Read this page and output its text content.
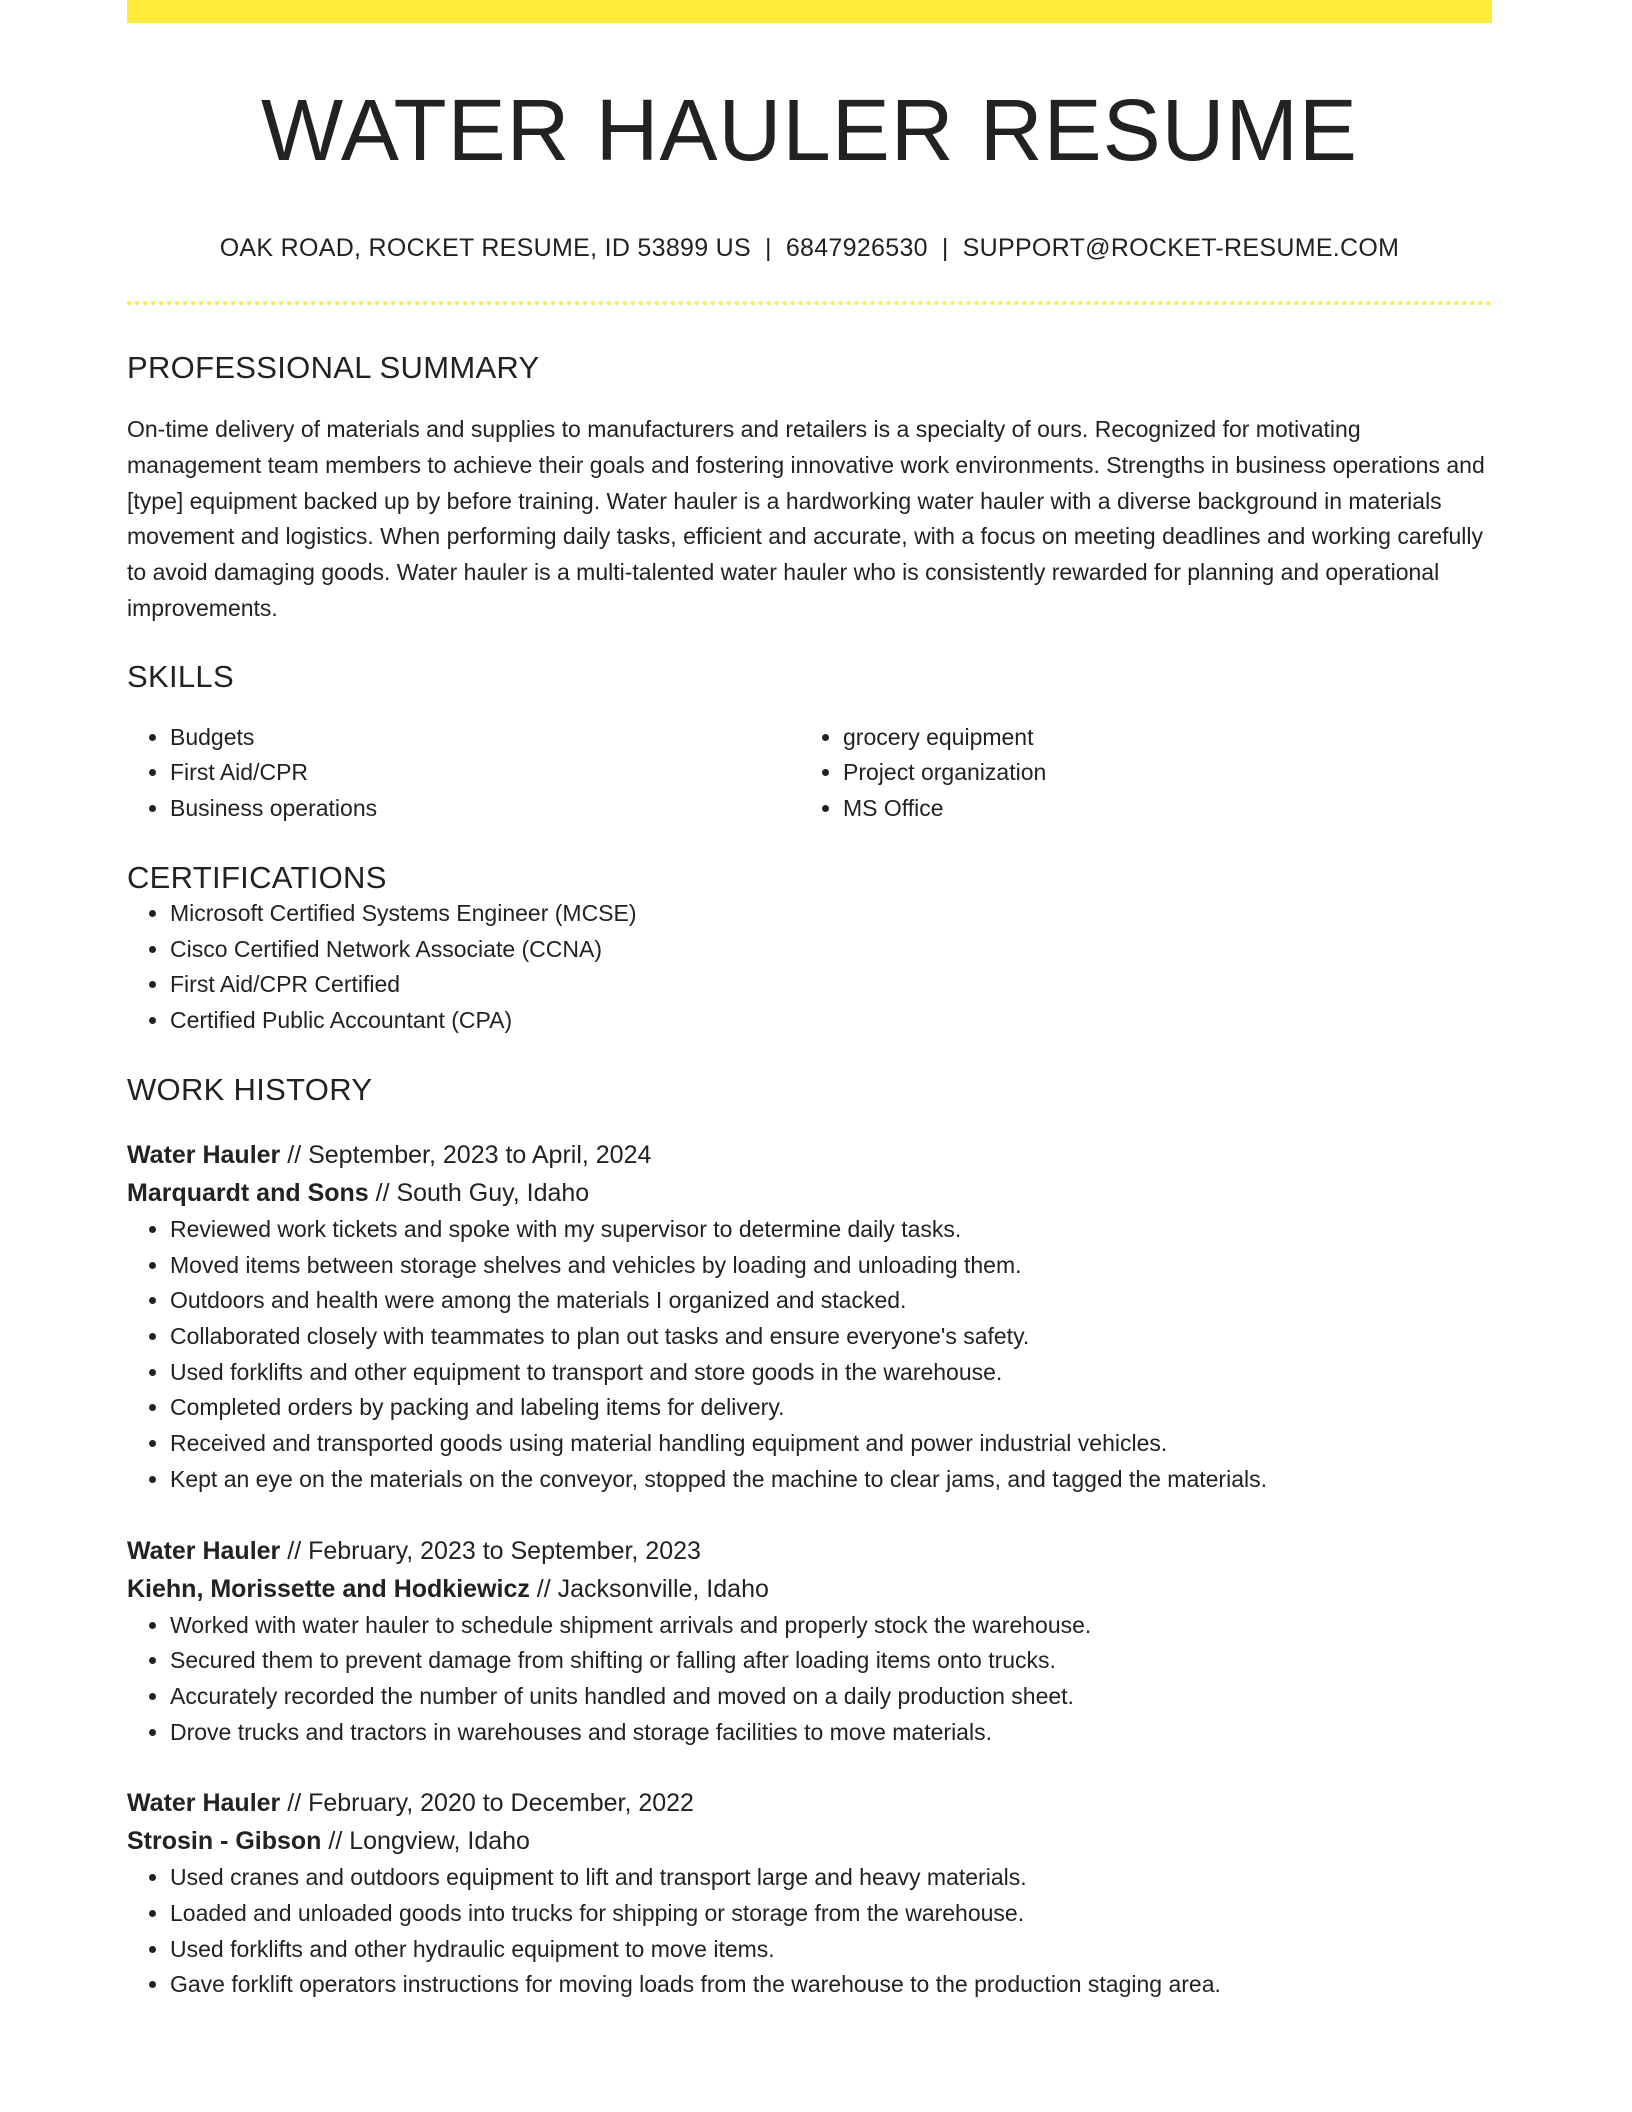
WATER HAULER RESUME
OAK ROAD, ROCKET RESUME, ID 53899 US | 6847926530 | SUPPORT@ROCKET-RESUME.COM
PROFESSIONAL SUMMARY

On-time delivery of materials and supplies to manufacturers and retailers is a specialty of ours. Recognized for motivating management team members to achieve their goals and fostering innovative work environments. Strengths in business operations and [type] equipment backed up by before training. Water hauler is a hardworking water hauler with a diverse background in materials movement and logistics. When performing daily tasks, efficient and accurate, with a focus on meeting deadlines and working carefully to avoid damaging goods. Water hauler is a multi-talented water hauler who is consistently rewarded for planning and operational improvements.

SKILLS
• Budgets
• First Aid/CPR
• Business operations
• grocery equipment
• Project organization
• MS Office
CERTIFICATIONS
• Microsoft Certified Systems Engineer (MCSE)
• Cisco Certified Network Associate (CCNA)
• First Aid/CPR Certified
• Certified Public Accountant (CPA)
WORK HISTORY
Water Hauler // September, 2023 to April, 2024
Marquardt and Sons // South Guy, Idaho
• Reviewed work tickets and spoke with my supervisor to determine daily tasks.
• Moved items between storage shelves and vehicles by loading and unloading them.
• Outdoors and health were among the materials I organized and stacked.
• Collaborated closely with teammates to plan out tasks and ensure everyone's safety.
• Used forklifts and other equipment to transport and store goods in the warehouse.
• Completed orders by packing and labeling items for delivery.
• Received and transported goods using material handling equipment and power industrial vehicles.
• Kept an eye on the materials on the conveyor, stopped the machine to clear jams, and tagged the materials.
Water Hauler // February, 2023 to September, 2023
Kiehn, Morissette and Hodkiewicz // Jacksonville, Idaho
• Worked with water hauler to schedule shipment arrivals and properly stock the warehouse.
• Secured them to prevent damage from shifting or falling after loading items onto trucks.
• Accurately recorded the number of units handled and moved on a daily production sheet.
• Drove trucks and tractors in warehouses and storage facilities to move materials.
Water Hauler // February, 2020 to December, 2022
Strosin - Gibson // Longview, Idaho
• Used cranes and outdoors equipment to lift and transport large and heavy materials.
• Loaded and unloaded goods into trucks for shipping or storage from the warehouse.
• Used forklifts and other hydraulic equipment to move items.
• Gave forklift operators instructions for moving loads from the warehouse to the production staging area.
